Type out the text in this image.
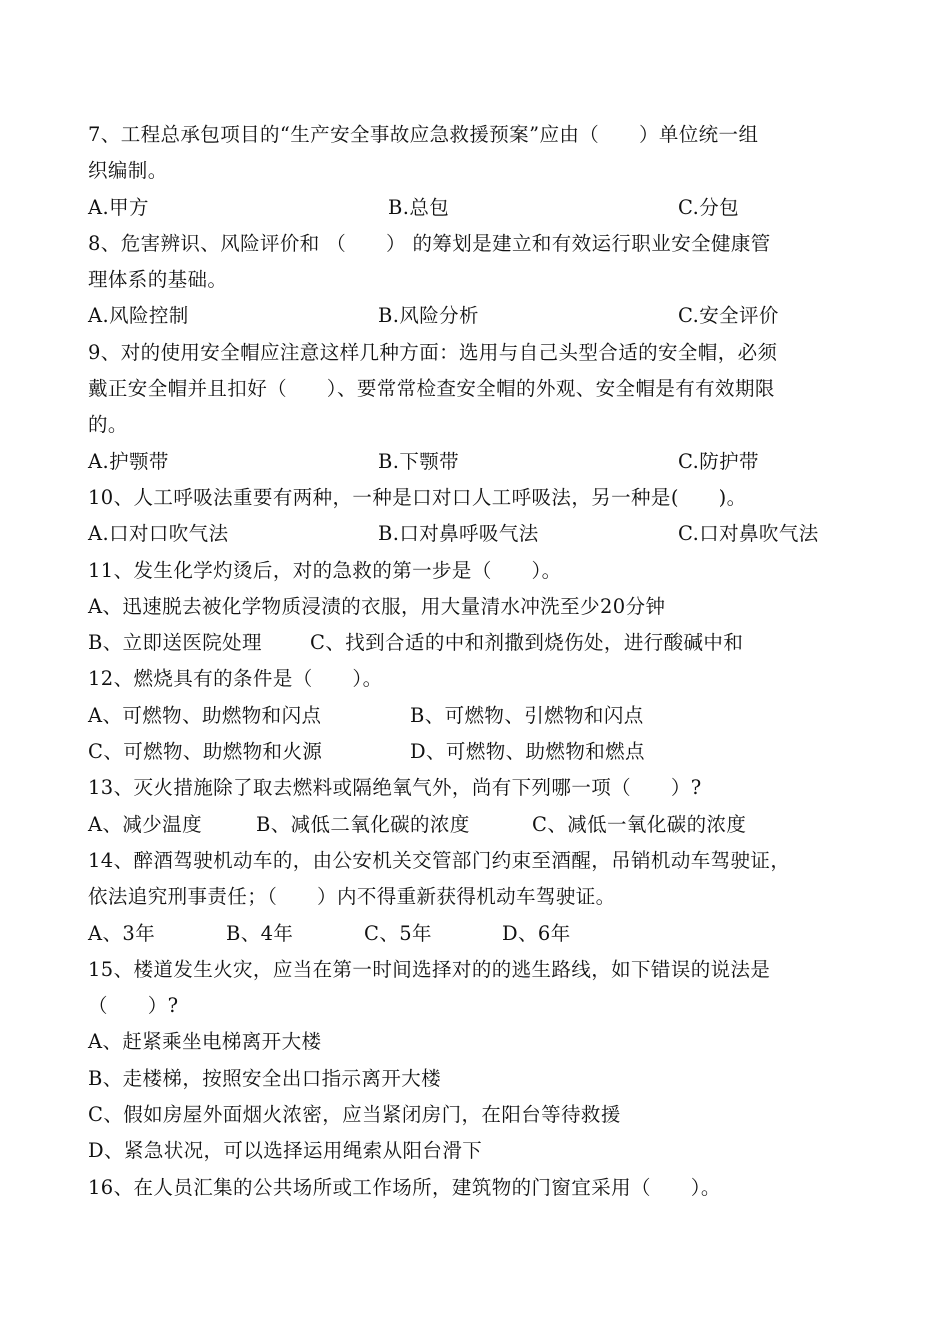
7、工程总承包项目的“生产安全事故应急救援预案”应由（　　）单位统一组
织编制。
A.甲方	B.总包	C.分包
8、危害辨识、风险评价和 （　　） 的筹划是建立和有效运行职业安全健康管
理体系的基础。
A.风险控制	B.风险分析	C.安全评价
9、对的使用安全帽应注意这样几种方面：选用与自己头型合适的安全帽，必须
戴正安全帽并且扣好（　　）、要常常检查安全帽的外观、安全帽是有有效期限
的。
A.护颚带	B.下颚带	C.防护带
10、人工呼吸法重要有两种，一种是口对口人工呼吸法，另一种是(　　)。
A.口对口吹气法	B.口对鼻呼吸气法	C.口对鼻吹气法
11、发生化学灼烫后，对的急救的第一步是（　　）。
A、迅速脱去被化学物质浸渍的衣服，用大量清水冲洗至少20分钟
B、立即送医院处理 C、找到合适的中和剂撒到烧伤处，进行酸碱中和
12、燃烧具有的条件是（　　）。
A、可燃物、助燃物和闪点	B、可燃物、引燃物和闪点
C、可燃物、助燃物和火源	D、可燃物、助燃物和燃点
13、灭火措施除了取去燃料或隔绝氧气外，尚有下列哪一项（　　）?
A、减少温度	B、减低二氧化碳的浓度	C、减低一氧化碳的浓度
14、醉酒驾驶机动车的，由公安机关交管部门约束至酒醒，吊销机动车驾驶证，
依法追究刑事责任；（　　）内不得重新获得机动车驾驶证。
A、3年	B、4年	C、5年	D、6年
15、楼道发生火灾，应当在第一时间选择对的的逃生路线，如下错误的说法是
（　　）?
A、赶紧乘坐电梯离开大楼
B、走楼梯，按照安全出口指示离开大楼
C、假如房屋外面烟火浓密，应当紧闭房门，在阳台等待救援
D、紧急状况，可以选择运用绳索从阳台滑下
16、在人员汇集的公共场所或工作场所，建筑物的门窗宜采用（　　）。
